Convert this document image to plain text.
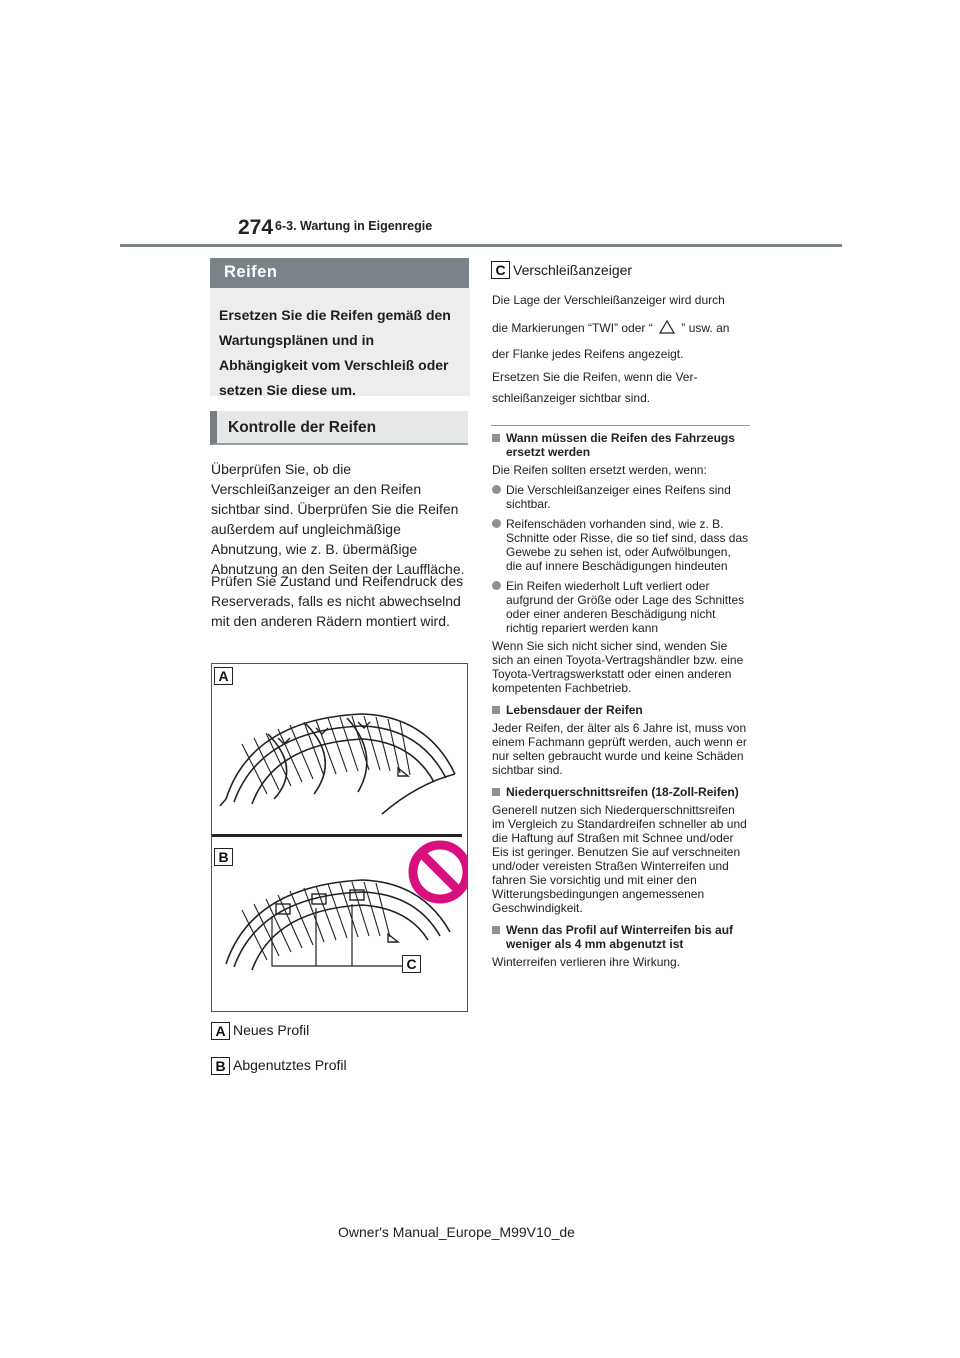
274 6-3. Wartung in Eigenregie
Reifen
Ersetzen Sie die Reifen gemäß den Wartungsplänen und in Abhängigkeit vom Verschleiß oder setzen Sie diese um.
Kontrolle der Reifen
Überprüfen Sie, ob die Verschleißanzeiger an den Reifen sichtbar sind. Überprüfen Sie die Reifen außerdem auf ungleichmäßige Abnutzung, wie z. B. übermäßige Abnutzung an den Seiten der Lauffläche.
Prüfen Sie Zustand und Reifendruck des Reserverads, falls es nicht abwechselnd mit den anderen Rädern montiert wird.
A
B
C
A Neues Profil
B Abgenutztes Profil
C Verschleißanzeiger
Die Lage der Verschleißanzeiger wird durch
die Markierungen “TWI” oder “ ” usw. an
der Flanke jedes Reifens angezeigt.
Ersetzen Sie die Reifen, wenn die Ver-
schleißanzeiger sichtbar sind.
Wann müssen die Reifen des Fahrzeugs ersetzt werden
Die Reifen sollten ersetzt werden, wenn:
Die Verschleißanzeiger eines Reifens sind sichtbar.
Reifenschäden vorhanden sind, wie z. B. Schnitte oder Risse, die so tief sind, dass das Gewebe zu sehen ist, oder Aufwölbungen, die auf innere Beschädigungen hindeuten
Ein Reifen wiederholt Luft verliert oder aufgrund der Größe oder Lage des Schnittes oder einer anderen Beschädigung nicht richtig repariert werden kann
Wenn Sie sich nicht sicher sind, wenden Sie sich an einen Toyota-Vertragshändler bzw. eine Toyota-Vertragswerkstatt oder einen anderen kompetenten Fachbetrieb.
Lebensdauer der Reifen
Jeder Reifen, der älter als 6 Jahre ist, muss von einem Fachmann geprüft werden, auch wenn er nur selten gebraucht wurde und keine Schäden sichtbar sind.
Niederquerschnittsreifen (18-Zoll-Reifen)
Generell nutzen sich Niederquerschnittsreifen im Vergleich zu Standardreifen schneller ab und die Haftung auf Straßen mit Schnee und/oder Eis ist geringer. Benutzen Sie auf verschneiten und/oder vereisten Straßen Winterreifen und fahren Sie vorsichtig und mit einer den Witterungsbedingungen angemessenen Geschwindigkeit.
Wenn das Profil auf Winterreifen bis auf weniger als 4 mm abgenutzt ist
Winterreifen verlieren ihre Wirkung.
Owner's Manual_Europe_M99V10_de
